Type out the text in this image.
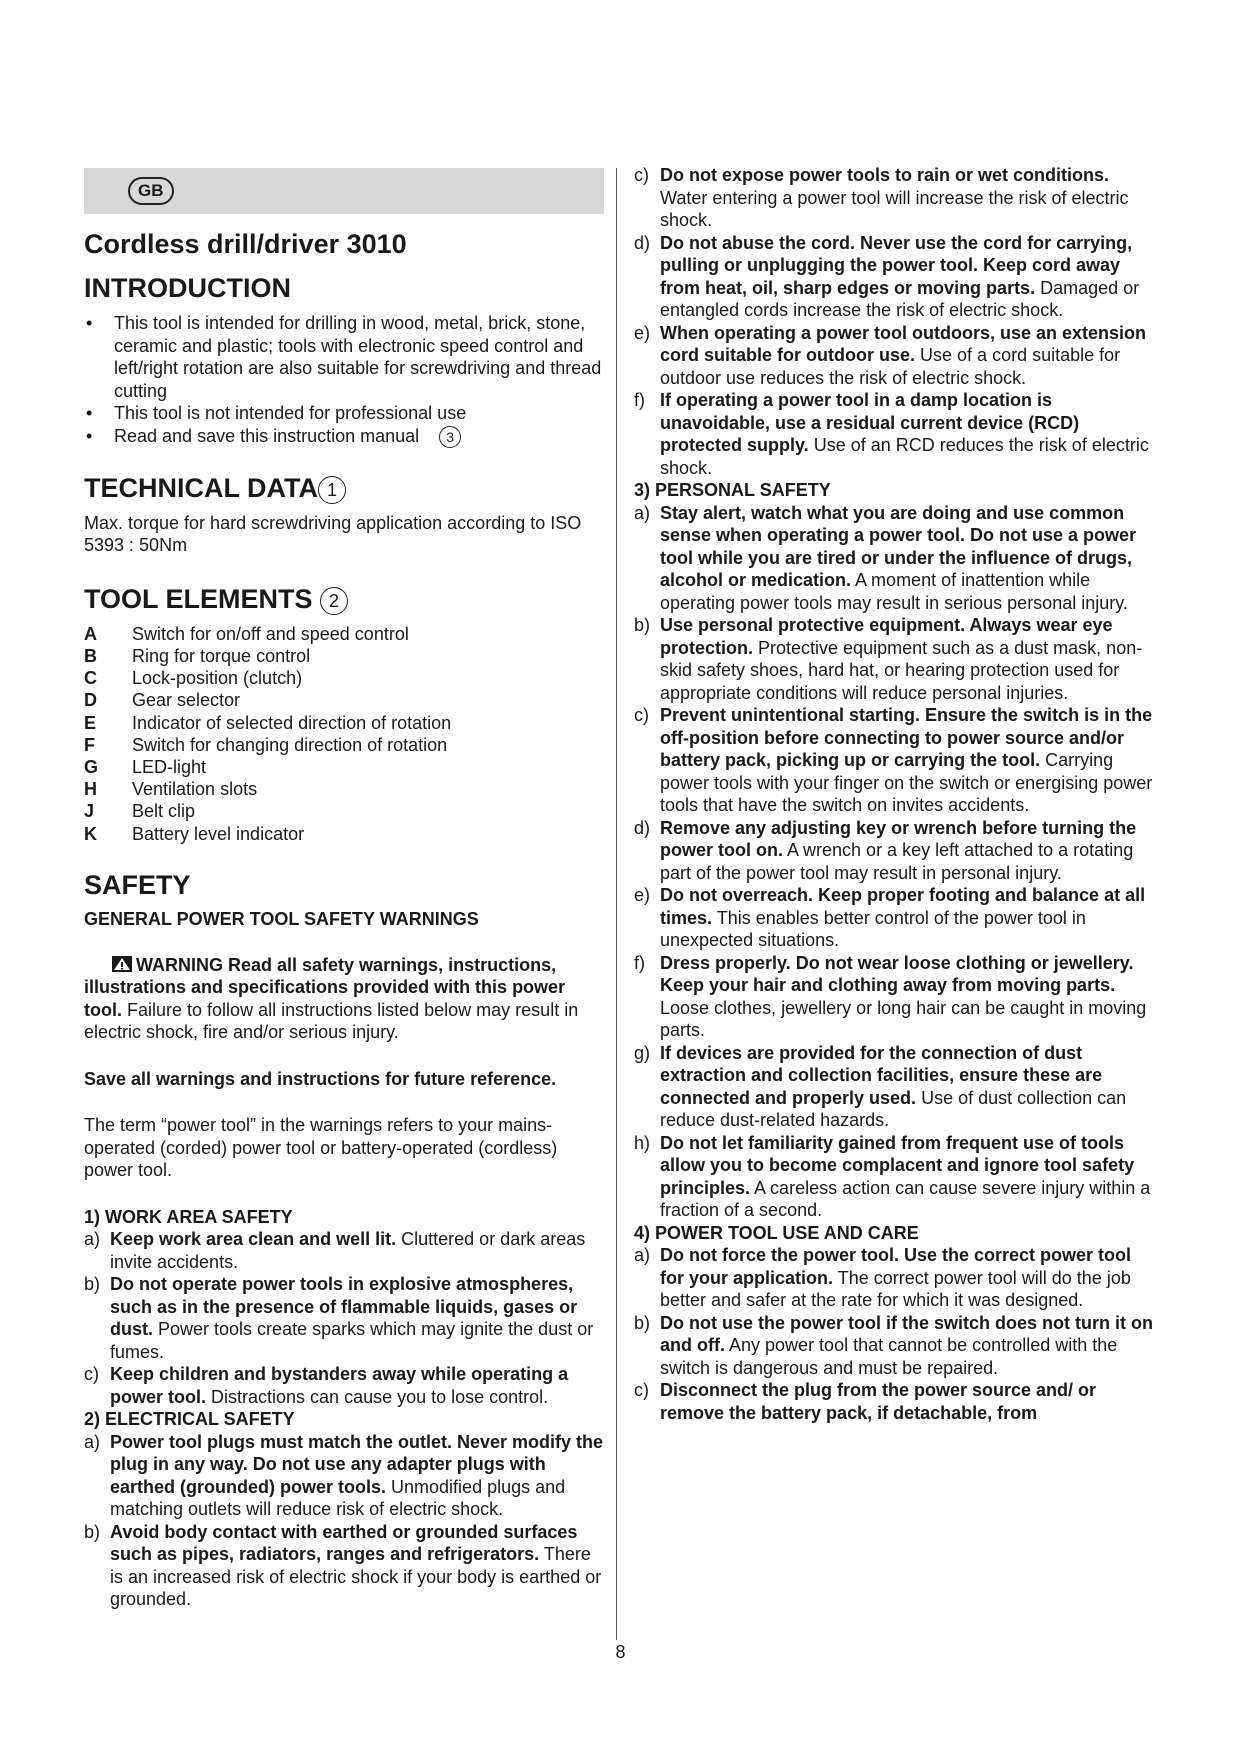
GB
Cordless drill/driver 3010
INTRODUCTION
• This tool is intended for drilling in wood, metal, brick, stone, ceramic and plastic; tools with electronic speed control and left/right rotation are also suitable for screwdriving and thread cutting
• This tool is not intended for professional use
• Read and save this instruction manual 3
TECHNICAL DATA 1

Max. torque for hard screwdriving application according to ISO 5393 : 50Nm

TOOL ELEMENTS 2
A	Switch for on/off and speed control
B	Ring for torque control
C	Lock-position (clutch)
D	Gear selector
E	Indicator of selected direction of rotation
F	Switch for changing direction of rotation
G	LED-light
H	Ventilation slots
J	Belt clip
K	Battery level indicator
SAFETY
GENERAL POWER TOOL SAFETY WARNINGS

WARNING Read all safety warnings, instructions, illustrations and specifications provided with this power tool. Failure to follow all instructions listed below may result in electric shock, fire and/or serious injury.

Save all warnings and instructions for future reference.

The term “power tool” in the warnings refers to your mains-operated (corded) power tool or battery-operated (cordless) power tool.

1) WORK AREA SAFETY
a) Keep work area clean and well lit. Cluttered or dark areas invite accidents.
b) Do not operate power tools in explosive atmospheres, such as in the presence of flammable liquids, gases or dust. Power tools create sparks which may ignite the dust or fumes.
c) Keep children and bystanders away while operating a power tool. Distractions can cause you to lose control.
2) ELECTRICAL SAFETY
a) Power tool plugs must match the outlet. Never modify the plug in any way. Do not use any adapter plugs with earthed (grounded) power tools. Unmodified plugs and matching outlets will reduce risk of electric shock.
b) Avoid body contact with earthed or grounded surfaces such as pipes, radiators, ranges and refrigerators. There is an increased risk of electric shock if your body is earthed or grounded.
c) Do not expose power tools to rain or wet conditions. Water entering a power tool will increase the risk of electric shock.
d) Do not abuse the cord. Never use the cord for carrying, pulling or unplugging the power tool. Keep cord away from heat, oil, sharp edges or moving parts. Damaged or entangled cords increase the risk of electric shock.
e) When operating a power tool outdoors, use an extension cord suitable for outdoor use. Use of a cord suitable for outdoor use reduces the risk of electric shock.
f) If operating a power tool in a damp location is unavoidable, use a residual current device (RCD) protected supply. Use of an RCD reduces the risk of electric shock.
3) PERSONAL SAFETY
a) Stay alert, watch what you are doing and use common sense when operating a power tool. Do not use a power tool while you are tired or under the influence of drugs, alcohol or medication. A moment of inattention while operating power tools may result in serious personal injury.
b) Use personal protective equipment. Always wear eye protection. Protective equipment such as a dust mask, non-skid safety shoes, hard hat, or hearing protection used for appropriate conditions will reduce personal injuries.
c) Prevent unintentional starting. Ensure the switch is in the off-position before connecting to power source and/or battery pack, picking up or carrying the tool. Carrying power tools with your finger on the switch or energising power tools that have the switch on invites accidents.
d) Remove any adjusting key or wrench before turning the power tool on. A wrench or a key left attached to a rotating part of the power tool may result in personal injury.
e) Do not overreach. Keep proper footing and balance at all times. This enables better control of the power tool in unexpected situations.
f) Dress properly. Do not wear loose clothing or jewellery. Keep your hair and clothing away from moving parts. Loose clothes, jewellery or long hair can be caught in moving parts.
g) If devices are provided for the connection of dust extraction and collection facilities, ensure these are connected and properly used. Use of dust collection can reduce dust-related hazards.
h) Do not let familiarity gained from frequent use of tools allow you to become complacent and ignore tool safety principles. A careless action can cause severe injury within a fraction of a second.
4) POWER TOOL USE AND CARE
a) Do not force the power tool. Use the correct power tool for your application. The correct power tool will do the job better and safer at the rate for which it was designed.
b) Do not use the power tool if the switch does not turn it on and off. Any power tool that cannot be controlled with the switch is dangerous and must be repaired.
c) Disconnect the plug from the power source and/ or remove the battery pack, if detachable, from
8
